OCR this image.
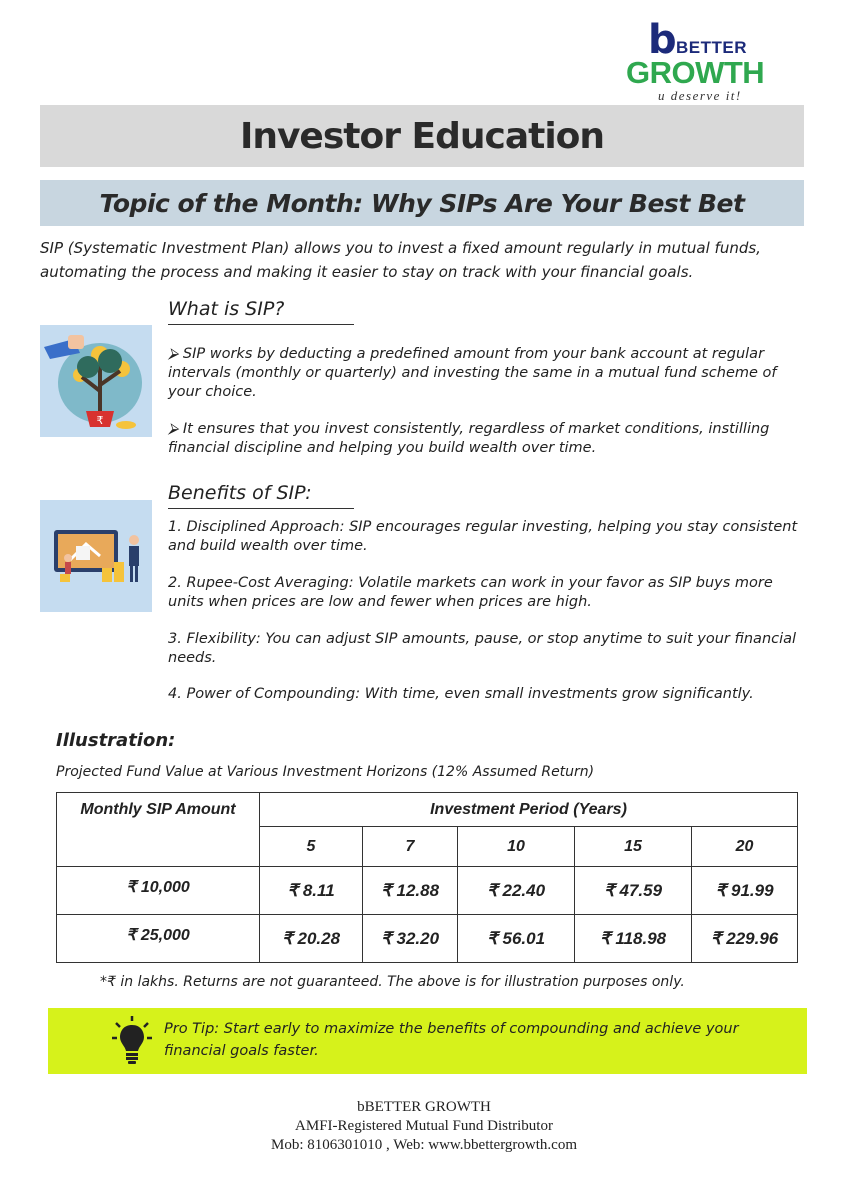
b BETTER
GROWTH
u deserve it!
Investor Education
Topic of the Month: Why SIPs Are Your Best Bet
SIP (Systematic Investment Plan) allows you to invest a fixed amount regularly in mutual funds, automating the process and making it easier to stay on track with your financial goals.
What is SIP?
₹
⮚ SIP works by deducting a predefined amount from your bank account at regular intervals (monthly or quarterly) and investing the same in a mutual fund scheme of your choice.
⮚ It ensures that you invest consistently, regardless of market conditions, instilling financial discipline and helping you build wealth over time.
Benefits of SIP:
1. Disciplined Approach: SIP encourages regular investing, helping you stay consistent and build wealth over time.
2. Rupee-Cost Averaging: Volatile markets can work in your favor as SIP buys more units when prices are low and fewer when prices are high.
3. Flexibility: You can adjust SIP amounts, pause, or stop anytime to suit your financial needs.
4. Power of Compounding: With time, even small investments grow significantly.
Illustration:
Projected Fund Value at Various Investment Horizons (12% Assumed Return)
Monthly SIP Amount	Investment Period (Years)				
	5	7	10	15	20
₹ 10,000	₹ 8.11	₹ 12.88	₹ 22.40	₹ 47.59	₹ 91.99
₹ 25,000	₹ 20.28	₹ 32.20	₹ 56.01	₹ 118.98	₹ 229.96
*₹ in lakhs. Returns are not guaranteed. The above is for illustration purposes only.
Pro Tip: Start early to maximize the benefits of compounding and achieve your financial goals faster.
bBETTER GROWTH
AMFI-Registered Mutual Fund Distributor
Mob: 8106301010 , Web: www.bbettergrowth.com
